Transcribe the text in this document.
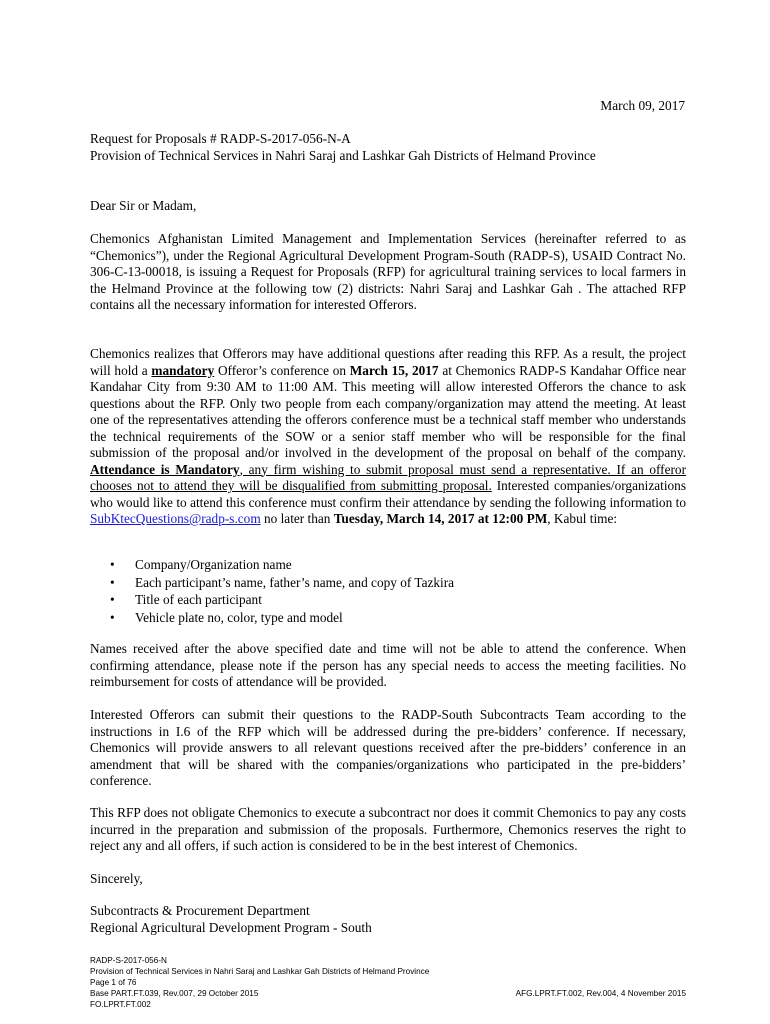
March 09, 2017
Request for Proposals # RADP-S-2017-056-N-A
Provision of Technical Services in Nahri Saraj and Lashkar Gah Districts of Helmand Province
Dear Sir or Madam,
Chemonics Afghanistan Limited Management and Implementation Services (hereinafter referred to as “Chemonics”), under the Regional Agricultural Development Program-South (RADP-S), USAID Contract No. 306-C-13-00018, is issuing a Request for Proposals (RFP) for agricultural training services to local farmers in the Helmand Province at the following tow (2) districts: Nahri Saraj and Lashkar Gah . The attached RFP contains all the necessary information for interested Offerors.
Chemonics realizes that Offerors may have additional questions after reading this RFP. As a result, the project will hold a mandatory Offeror’s conference on March 15, 2017 at Chemonics RADP-S Kandahar Office near Kandahar City from 9:30 AM to 11:00 AM. This meeting will allow interested Offerors the chance to ask questions about the RFP. Only two people from each company/organization may attend the meeting. At least one of the representatives attending the offerors conference must be a technical staff member who understands the technical requirements of the SOW or a senior staff member who will be responsible for the final submission of the proposal and/or involved in the development of the proposal on behalf of the company. Attendance is Mandatory, any firm wishing to submit proposal must send a representative. If an offeror chooses not to attend they will be disqualified from submitting proposal. Interested companies/organizations who would like to attend this conference must confirm their attendance by sending the following information to SubKtecQuestions@radp-s.com no later than Tuesday, March 14, 2017 at 12:00 PM, Kabul time:
• Company/Organization name
• Each participant’s name, father’s name, and copy of Tazkira
• Title of each participant
• Vehicle plate no, color, type and model
Names received after the above specified date and time will not be able to attend the conference. When confirming attendance, please note if the person has any special needs to access the meeting facilities. No reimbursement for costs of attendance will be provided.
Interested Offerors can submit their questions to the RADP-South Subcontracts Team according to the instructions in I.6 of the RFP which will be addressed during the pre-bidders’ conference. If necessary, Chemonics will provide answers to all relevant questions received after the pre-bidders’ conference in an amendment that will be shared with the companies/organizations who participated in the pre-bidders’ conference.
This RFP does not obligate Chemonics to execute a subcontract nor does it commit Chemonics to pay any costs incurred in the preparation and submission of the proposals. Furthermore, Chemonics reserves the right to reject any and all offers, if such action is considered to be in the best interest of Chemonics.
Sincerely,
Subcontracts & Procurement Department
Regional Agricultural Development Program - South
RADP-S-2017-056-N
Provision of Technical Services in Nahri Saraj and Lashkar Gah Districts of Helmand Province
Page 1 of 76
Base PART.FT.039, Rev.007, 29 October 2015	AFG.LPRT.FT.002, Rev.004, 4 November 2015
FO.LPRT.FT.002
